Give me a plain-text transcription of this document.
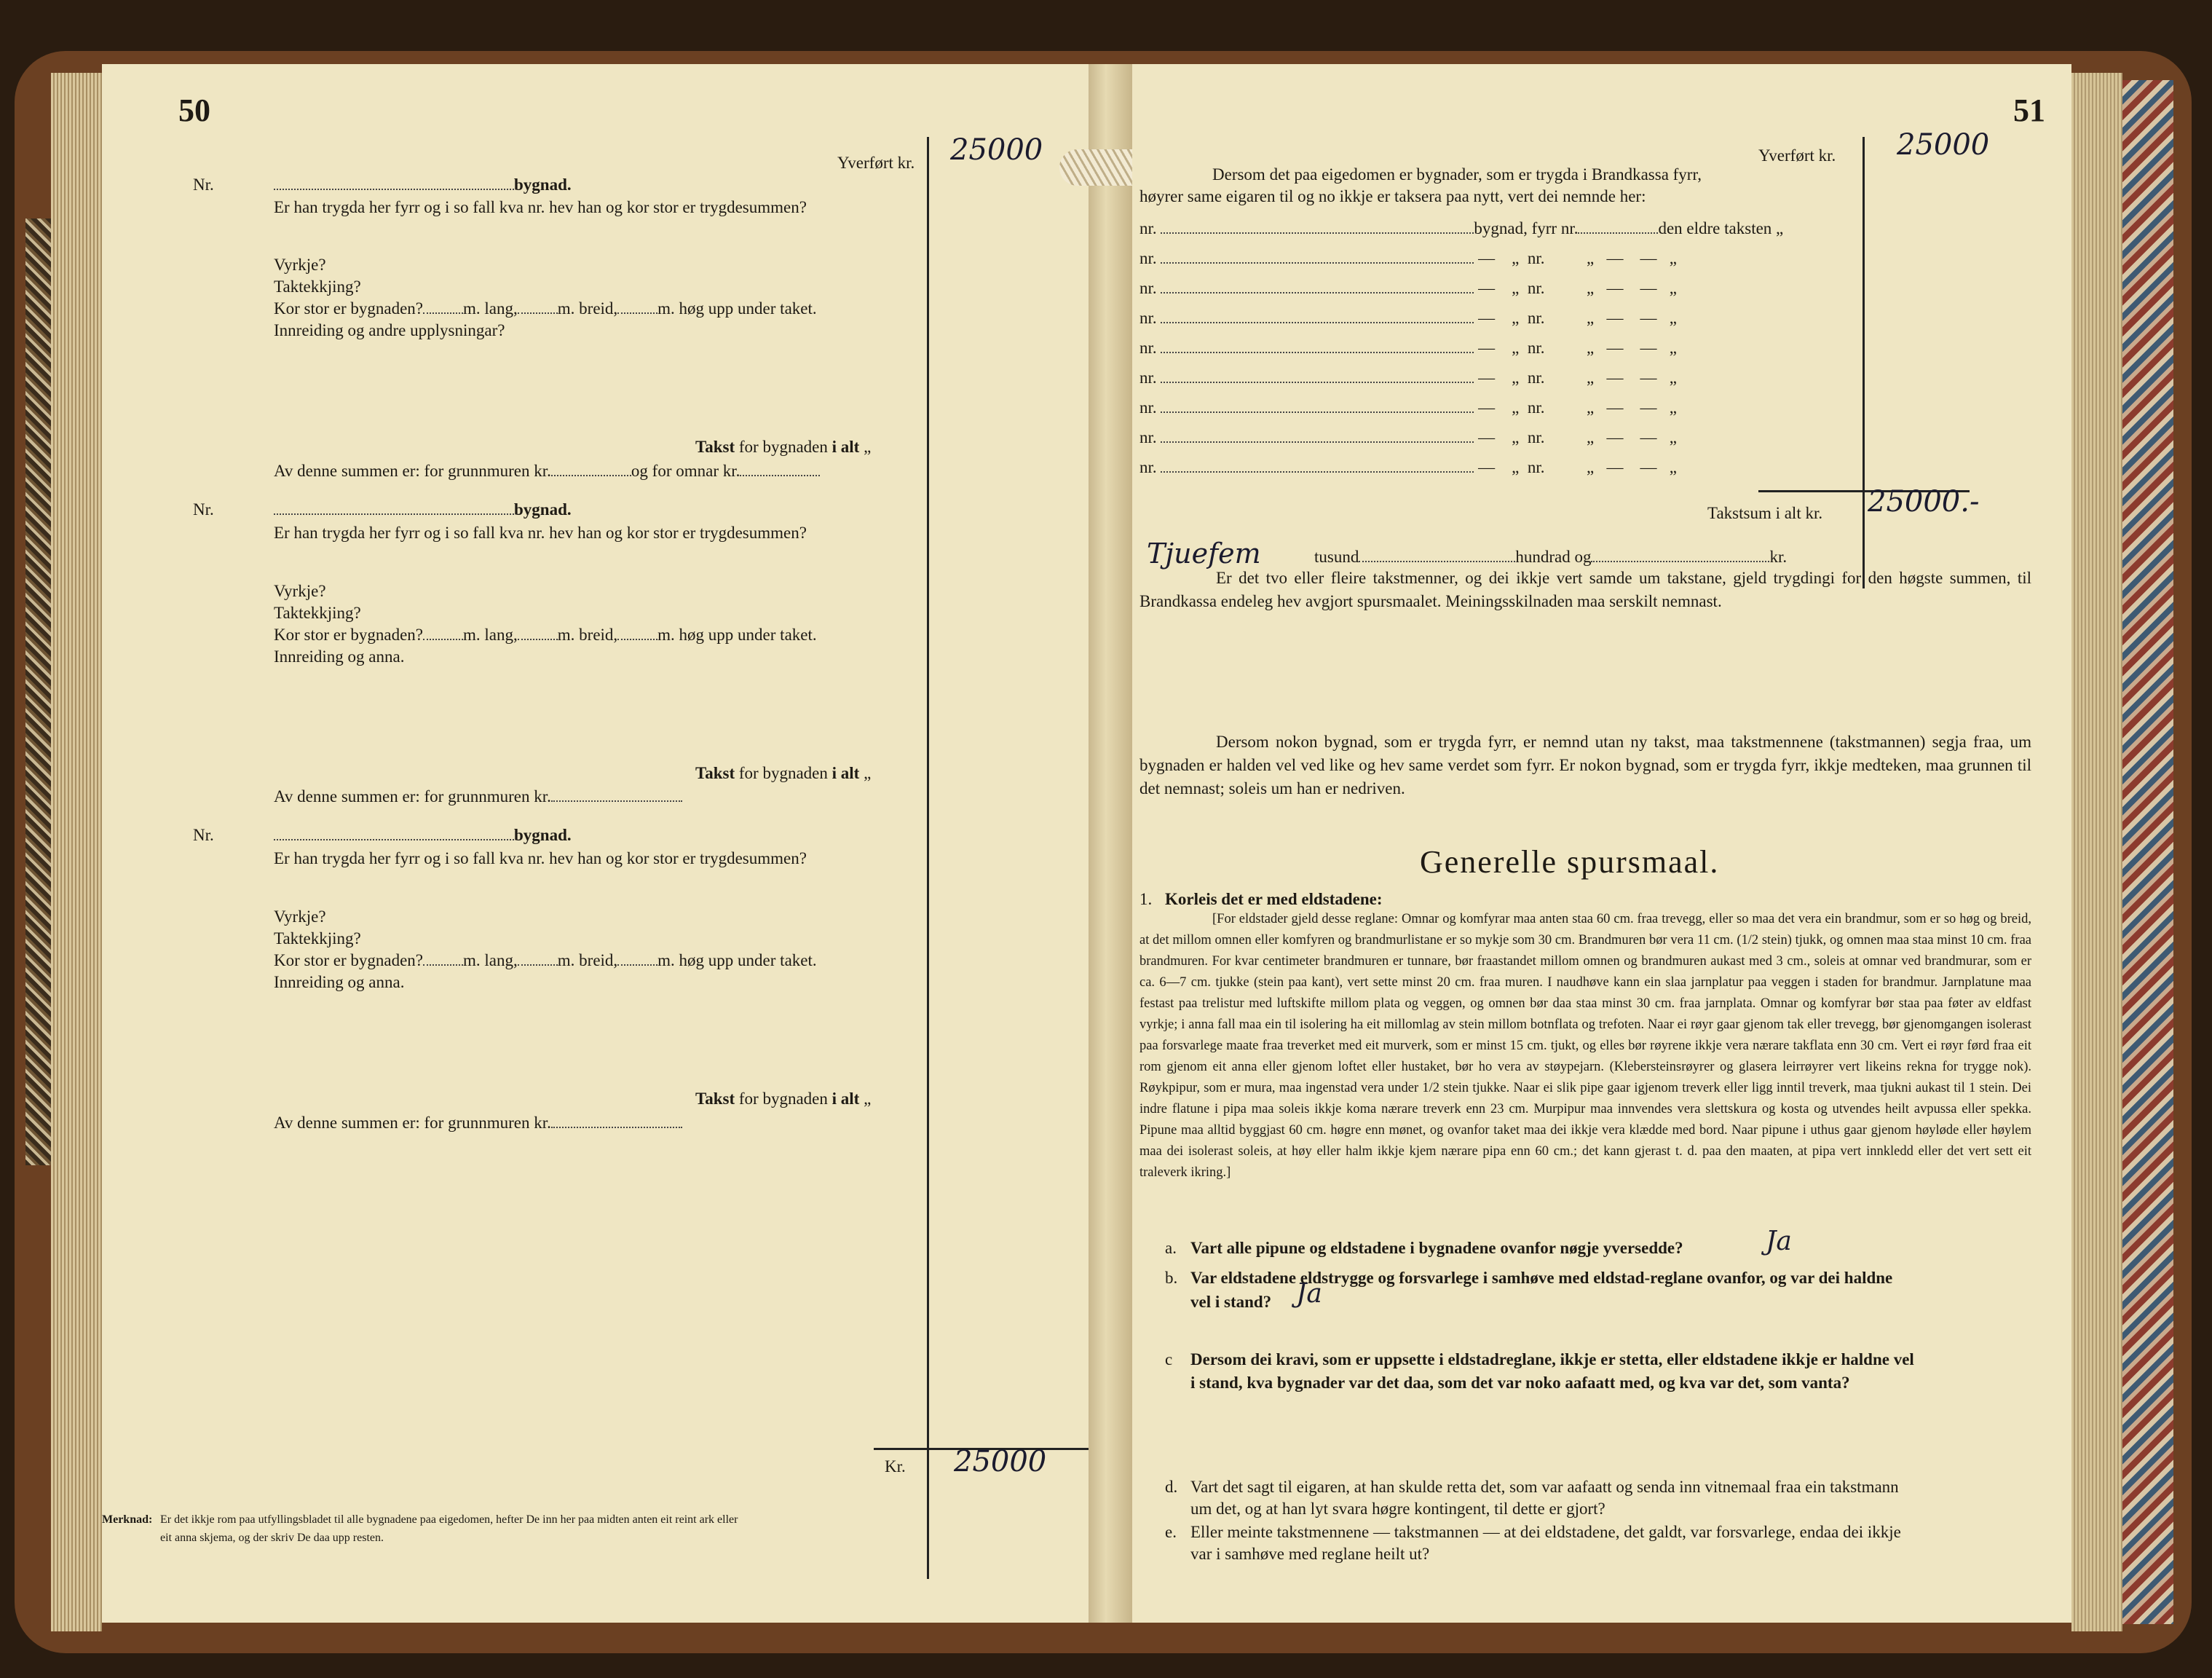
50
Yverført kr. 25000
Nr.	bygnad.
Er han trygda her fyrr og i so fall kva nr. hev han og kor stor er trygdesummen?
Vyrkje?
Taktekkjing?
Kor stor er bygnaden? m. lang, m. breid, m. høg upp under taket.
Innreiding og andre upplysningar?
Takst for bygnaden i alt „
Av denne summen er: for grunnmuren kr.	og for omnar kr.
Nr.	bygnad.
Er han trygda her fyrr og i so fall kva nr. hev han og kor stor er trygdesummen?
Vyrkje?
Taktekkjing?
Kor stor er bygnaden? m. lang, m. breid, m. høg upp under taket.
Innreiding og anna.
Takst for bygnaden i alt „
Av denne summen er: for grunnmuren kr.
Nr.	bygnad.
Er han trygda her fyrr og i so fall kva nr. hev han og kor stor er trygdesummen?
Vyrkje?
Taktekkjing?
Kor stor er bygnaden? m. lang, m. breid, m. høg upp under taket.
Innreiding og anna.
Takst for bygnaden i alt „
Av denne summen er: for grunnmuren kr.
Kr. 25000
Merknad: Er det ikkje rom paa utfyllingsbladet til alle bygnadene paa eigedomen, hefter De inn her paa midten anten eit reint ark eller
eit anna skjema, og der skriv De daa upp resten.
51
Yverført kr. 25000
Dersom det paa eigedomen er bygnader, som er trygda i Brandkassa fyrr,
høyrer same eigaren til og no ikkje er taksera paa nytt, vert dei nemnde her:
nr.	bygnad, fyrr nr.	den eldre taksten „
nr.	— „ nr.	„ — — „
nr.	— „ nr.	„ — — „
nr.	— „ nr.	„ — — „
nr.	— „ nr.	„ — — „
nr.	— „ nr.	„ — — „
nr.	— „ nr.	„ — — „
nr.	— „ nr.	„ — — „
nr.	— „ nr.	„ — — „
Takstsum i alt kr. 25000.-
Tjuefem	tusund	hundrad og	kr.
Er det tvo eller fleire takstmenner, og dei ikkje vert samde um takstane, gjeld trygdingi for den høgste summen, til Brandkassa endeleg hev avgjort spursmaalet. Meiningsskilnaden maa serskilt nemnast.
Dersom nokon bygnad, som er trygda fyrr, er nemnd utan ny takst, maa takstmennene (takstmannen) segja fraa, um bygnaden er halden vel ved like og hev same verdet som fyrr. Er nokon bygnad, som er trygda fyrr, ikkje medteken, maa grunnen til det nemnast; soleis um han er nedriven.
Generelle spursmaal.
1. Korleis det er med eldstadene:
[For eldstader gjeld desse reglane: Omnar og komfyrar maa anten staa 60 cm. fraa trevegg, eller so maa det vera ein brandmur, som er so høg og breid, at det millom omnen eller komfyren og brandmurlistane er so mykje som 30 cm. Brandmuren bør vera 11 cm. (1/2 stein) tjukk, og omnen maa staa minst 10 cm. fraa brandmuren. For kvar centimeter brandmuren er tunnare, bør fraastandet millom omnen og brandmuren aukast med 3 cm., soleis at omnar ved brandmurar, som er ca. 6—7 cm. tjukke (stein paa kant), vert sette minst 20 cm. fraa muren. I naudhøve kann ein slaa jarnplatur paa veggen i staden for brandmur. Jarnplatune maa festast paa trelistur med luftskifte millom plata og veggen, og omnen bør daa staa minst 30 cm. fraa jarnplata. Omnar og komfyrar bør staa paa føter av eldfast vyrkje; i anna fall maa ein til isolering ha eit millomlag av stein millom botnflata og trefoten. Naar ei røyr gaar gjenom tak eller trevegg, bør gjenomgangen isolerast paa forsvarlege maate fraa treverket med eit murverk, som er minst 15 cm. tjukt, og elles bør røyrene ikkje vera nærare takflata enn 30 cm. Vert ei røyr førd fraa eit rom gjenom eit anna eller gjenom loftet eller hustaket, bør ho vera av støypejarn. (Klebersteinsrøyrer og glasera leirrøyrer vert likeins rekna for trygge nok). Røykpipur, som er mura, maa ingenstad vera under 1/2 stein tjukke. Naar ei slik pipe gaar igjenom treverk eller ligg inntil treverk, maa tjukni aukast til 1 stein. Dei indre flatune i pipa maa soleis ikkje koma nærare treverk enn 23 cm. Murpipur maa innvendes vera slettskura og kosta og utvendes heilt avpussa eller spekka. Pipune maa alltid byggjast 60 cm. høgre enn mønet, og ovanfor taket maa dei ikkje vera klædde med bord. Naar pipune i uthus gaar gjenom høyløde eller høylem maa dei isolerast soleis, at høy eller halm ikkje kjem nærare pipa enn 60 cm.; det kann gjerast t. d. paa den maaten, at pipa vert innkledd eller det vert sett eit traleverk ikring.]
a. Vart alle pipune og eldstadene i bygnadene ovanfor nøgje yversedde?	Ja
b. Var eldstadene eldstrygge og forsvarlege i samhøve med eldstad-reglane ovanfor, og var dei haldne
vel i stand? Ja
c Dersom dei kravi, som er uppsette i eldstadreglane, ikkje er stetta, eller eldstadene ikkje er haldne vel
i stand, kva bygnader var det daa, som det var noko aafaatt med, og kva var det, som vanta?
d. Vart det sagt til eigaren, at han skulde retta det, som var aafaatt og senda inn vitnemaal fraa ein takstmann
um det, og at han lyt svara høgre kontingent, til dette er gjort?
e. Eller meinte takstmennene — takstmannen — at dei eldstadene, det galdt, var forsvarlege, endaa dei ikkje
var i samhøve med reglane heilt ut?
